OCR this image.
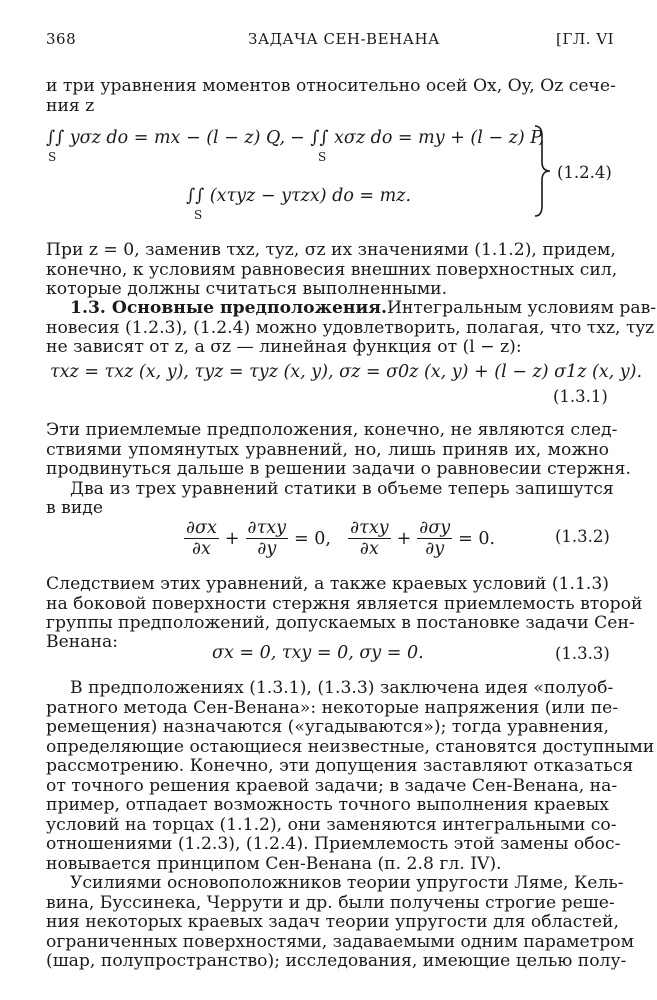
368	ЗАДАЧА СЕН-ВЕНАНА	[ГЛ. VI
и три уравнения моментов относительно осей Ox, Oy, Oz сече-
ния z
∫∫ yσz do = mx − (l − z) Q, − ∫∫ xσz do = my + (l − z) P,
∫∫ (xτyz − yτzx) do = mz.
S	S
S
(1.2.4)
При z = 0, заменив τxz, τyz, σz их значениями (1.1.2), придем,
конечно, к условиям равновесия внешних поверхностных сил,
которые должны считаться выполненными.
1.3. Основные предположения. Интегральным условиям рав-
новесия (1.2.3), (1.2.4) можно удовлетворить, полагая, что τxz, τyz
не зависят от z, а σz — линейная функция от (l − z):
τxz = τxz (x, y), τyz = τyz (x, y), σz = σ0z (x, y) + (l − z) σ1z (x, y).
(1.3.1)
Эти приемлемые предположения, конечно, не являются след-
ствиями упомянутых уравнений, но, лишь приняв их, можно
продвинуться дальше в решении задачи о равновесии стержня.
Два из трех уравнений статики в объеме теперь запишутся
в виде
$\frac{\partial\sigma x}{\partial x}$ +
∂τxy
∂y
= 0,
∂τxy
∂x
+ $\frac{\partial\sigma y}{\partial y} = 0$.	(1.3.2)
Следствием этих уравнений, а также краевых условий (1.1.3)
на боковой поверхности стержня является приемлемость второй
группы предположений, допускаемых в постановке задачи Сен-
Венана:
σx = 0, τxy = 0, σy = 0.	(1.3.3)
В предположениях (1.3.1), (1.3.3) заключена идея «полуоб-
ратного метода Сен-Венана»: некоторые напряжения (или пе-
ремещения) назначаются («угадываются»); тогда уравнения,
определяющие остающиеся неизвестные, становятся доступными
рассмотрению. Конечно, эти допущения заставляют отказаться
от точного решения краевой задачи; в задаче Сен-Венана, на-
пример, отпадает возможность точного выполнения краевых
условий на торцах (1.1.2), они заменяются интегральными со-
отношениями (1.2.3), (1.2.4). Приемлемость этой замены обос-
новывается принципом Сен-Венана (п. 2.8 гл. IV).
Усилиями основоположников теории упругости Ляме, Кель-
вина, Буссинека, Черрути и др. были получены строгие реше-
ния некоторых краевых задач теории упругости для областей,
ограниченных поверхностями, задаваемыми одним параметром
(шар, полупространство); исследования, имеющие целью полу-
